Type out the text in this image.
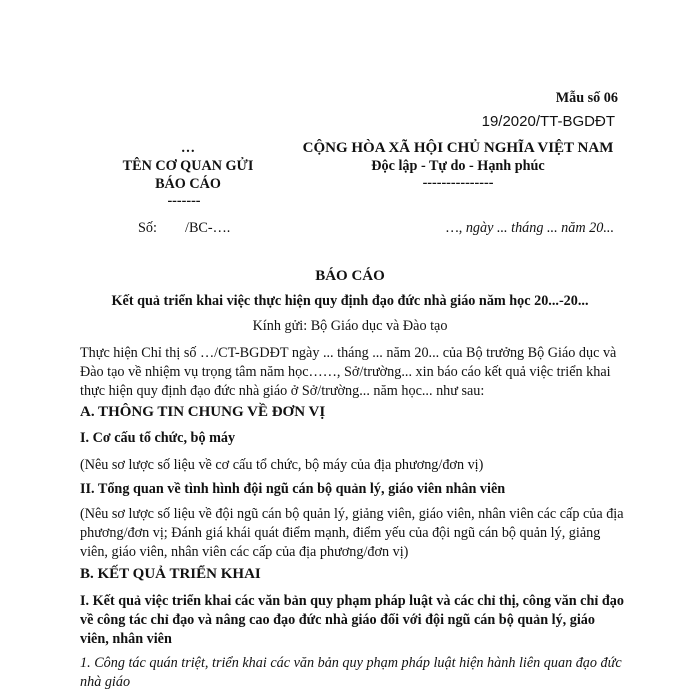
Mẫu số 06
19/2020/TT-BGDĐT
…
TÊN CƠ QUAN GỬI BÁO CÁO
-------
CỘNG HÒA XÃ HỘI CHỦ NGHĨA VIỆT NAM
Độc lập - Tự do - Hạnh phúc
---------------
Số: /BC-….	…, ngày ... tháng ... năm 20...
BÁO CÁO
Kết quả triển khai việc thực hiện quy định đạo đức nhà giáo năm học 20...-20...
Kính gửi: Bộ Giáo dục và Đào tạo
Thực hiện Chỉ thị số …/CT-BGDĐT ngày ... tháng ... năm 20... của Bộ trưởng Bộ Giáo dục và Đào tạo về nhiệm vụ trọng tâm năm học……, Sở/trường... xin báo cáo kết quả việc triển khai thực hiện quy định đạo đức nhà giáo ở Sở/trường... năm học... như sau:
A. THÔNG TIN CHUNG VỀ ĐƠN VỊ
I. Cơ cấu tổ chức, bộ máy
(Nêu sơ lược số liệu về cơ cấu tổ chức, bộ máy của địa phương/đơn vị)
II. Tổng quan về tình hình đội ngũ cán bộ quản lý, giáo viên nhân viên
(Nêu sơ lược số liệu về đội ngũ cán bộ quản lý, giảng viên, giáo viên, nhân viên các cấp của địa phương/đơn vị; Đánh giá khái quát điểm mạnh, điểm yếu của đội ngũ cán bộ quản lý, giảng viên, giáo viên, nhân viên các cấp của địa phương/đơn vị)
B. KẾT QUẢ TRIỂN KHAI
I. Kết quả việc triển khai các văn bản quy phạm pháp luật và các chỉ thị, công văn chỉ đạo về công tác chỉ đạo và nâng cao đạo đức nhà giáo đối với đội ngũ cán bộ quản lý, giáo viên, nhân viên
1. Công tác quán triệt, triển khai các văn bản quy phạm pháp luật hiện hành liên quan đạo đức nhà giáo
